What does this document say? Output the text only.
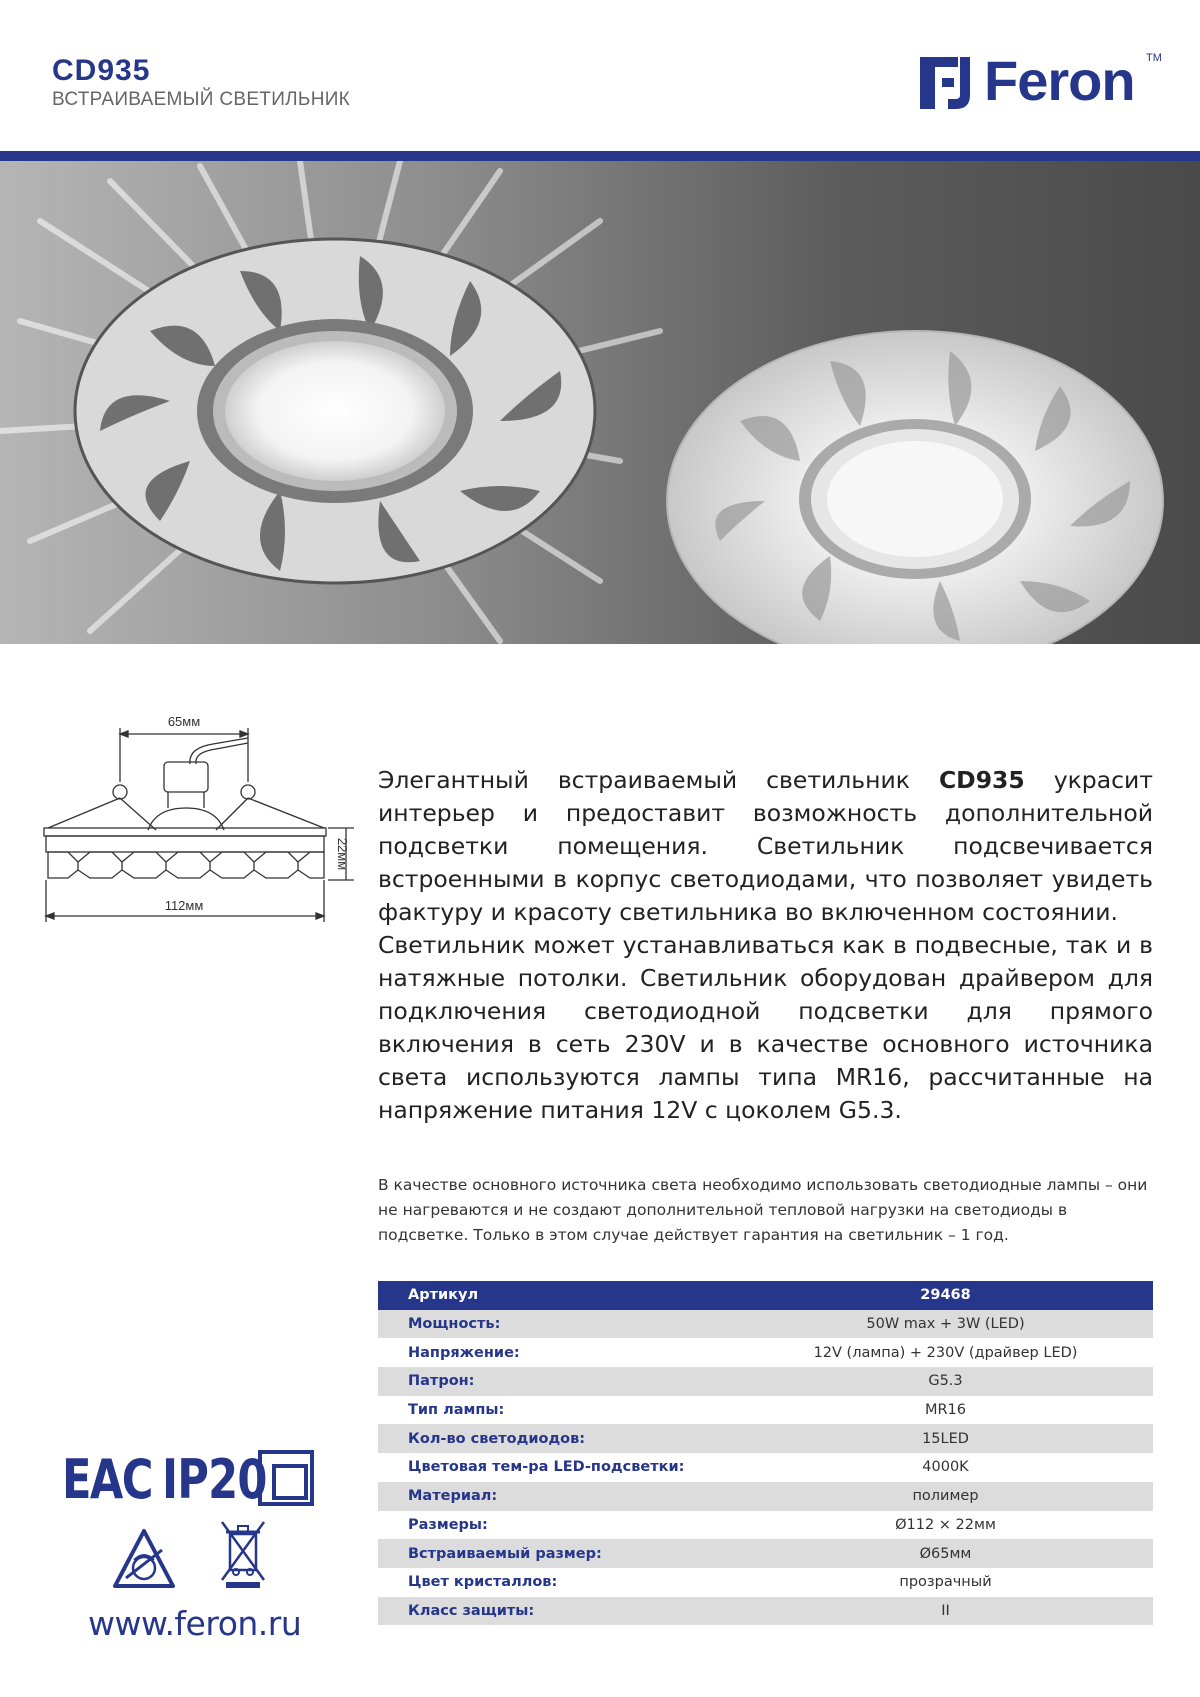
CD935
ВСТРАИВАЕМЫЙ СВЕТИЛЬНИК	Feron TM
65мм
22мм
112мм

Элегантный встраиваемый светильник CD935 украсит интерьер и предоставит возможность дополнительной подсветки помещения. Светильник подсвечивается встроенными в корпус светодиодами, что позволяет увидеть фактуру и красоту светильника во включенном состоянии.

Светильник может устанавливаться как в подвесные, так и в натяжные потолки. Светильник оборудован драйвером для подключения светодиодной подсветки для прямого включения в сеть 230V и в качестве основного источника света используются лампы типа MR16, рассчитанные на напряжение питания 12V с цоколем G5.3.

В качестве основного источника света необходимо использовать светодиодные лампы – они не нагреваются и не создают дополнительной тепловой нагрузки на светодиоды в подсветке. Только в этом случае действует гарантия на светильник – 1 год.
Артикул	29468
Мощность:	50W max + 3W (LED)
Напряжение:	12V (лампа) + 230V (драйвер LED)
Патрон:	G5.3
Тип лампы:	MR16
Кол-во светодиодов:	15LED
Цветовая тем-ра LED-подсветки:	4000K
Материал:	полимер
Размеры:	Ø112 × 22мм
Встраиваемый размер:	Ø65мм
Цвет кристаллов:	прозрачный
Класс защиты:	II
EAC IP20
www.feron.ru
